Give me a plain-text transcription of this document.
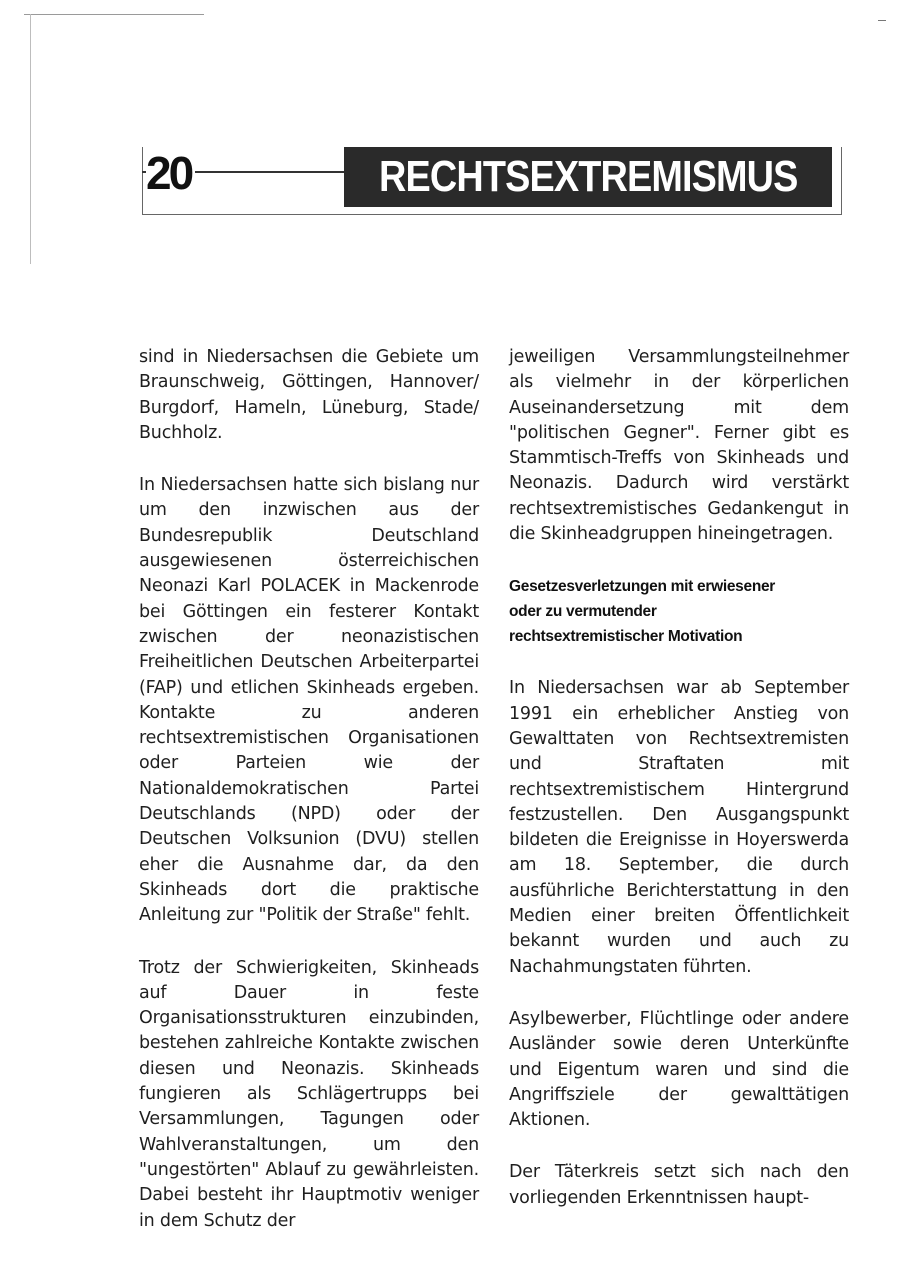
20	RECHTSEXTREMISMUS

sind in Niedersachsen die Gebiete um Braunschweig, Göttingen, Hannover/ Burgdorf, Hameln, Lüneburg, Stade/ Buchholz.

In Niedersachsen hatte sich bislang nur um den inzwischen aus der Bundesrepublik Deutschland ausgewiesenen österreichischen Neonazi Karl POLACEK in Mackenrode bei Göttingen ein festerer Kontakt zwischen der neonazistischen Freiheitlichen Deutschen Arbeiterpartei (FAP) und etlichen Skinheads ergeben. Kontakte zu anderen rechtsextremistischen Organisationen oder Parteien wie der Nationaldemokratischen Partei Deutschlands (NPD) oder der Deutschen Volksunion (DVU) stellen eher die Ausnahme dar, da den Skinheads dort die praktische Anleitung zur "Politik der Straße" fehlt.

Trotz der Schwierigkeiten, Skinheads auf Dauer in feste Organisationsstrukturen einzubinden, bestehen zahlreiche Kontakte zwischen diesen und Neonazis. Skinheads fungieren als Schlägertrupps bei Versammlungen, Tagungen oder Wahlveranstaltungen, um den "ungestörten" Ablauf zu gewährleisten. Dabei besteht ihr Hauptmotiv weniger in dem Schutz der

jeweiligen Versammlungsteilnehmer als vielmehr in der körperlichen Auseinandersetzung mit dem "politischen Gegner". Ferner gibt es Stammtisch-Treffs von Skinheads und Neonazis. Dadurch wird verstärkt rechtsextremistisches Gedankengut in die Skinheadgruppen hineingetragen.

Gesetzesverletzungen mit erwiesener
oder zu vermutender
rechtsextremistischer Motivation

In Niedersachsen war ab September 1991 ein erheblicher Anstieg von Gewalttaten von Rechtsextremisten und Straftaten mit rechtsextremistischem Hintergrund festzustellen. Den Ausgangspunkt bildeten die Ereignisse in Hoyerswerda am 18. September, die durch ausführliche Berichterstattung in den Medien einer breiten Öffentlichkeit bekannt wurden und auch zu Nachahmungstaten führten.

Asylbewerber, Flüchtlinge oder andere Ausländer sowie deren Unterkünfte und Eigentum waren und sind die Angriffsziele der gewalttätigen Aktionen.

Der Täterkreis setzt sich nach den vorliegenden Erkenntnissen haupt-
